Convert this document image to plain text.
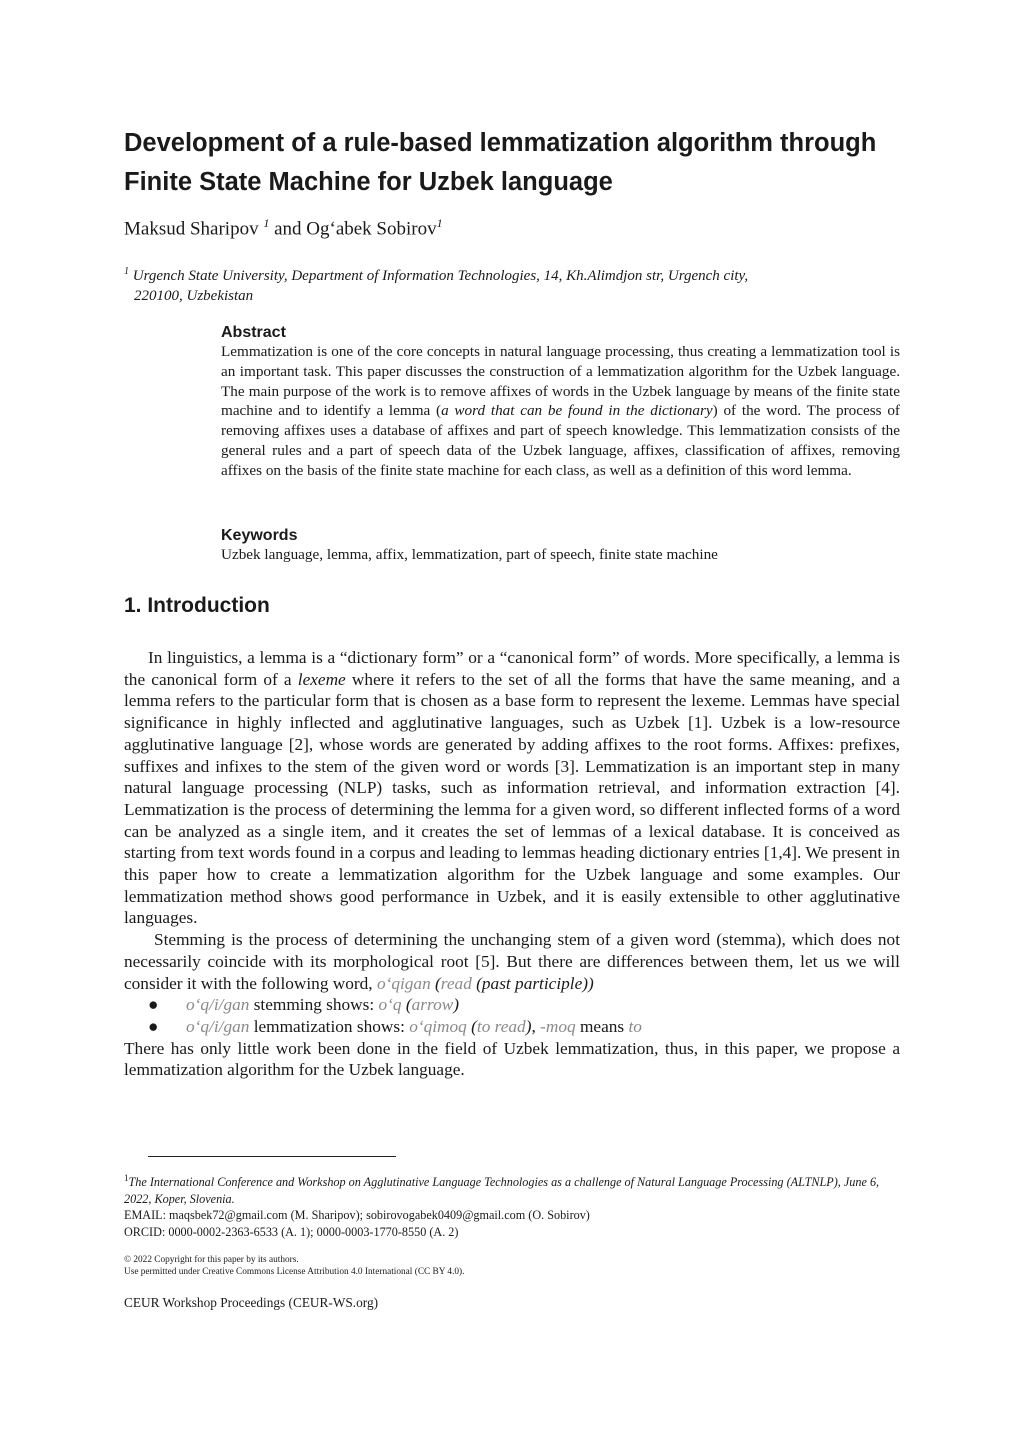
Development of a rule-based lemmatization algorithm through Finite State Machine for Uzbek language
Maksud Sharipov $^1$ and Og‘abek Sobirov$^1$
$^1$ Urgench State University, Department of Information Technologies, 14, Kh.Alimdjon str, Urgench city,
220100, Uzbekistan
Abstract

Lemmatization is one of the core concepts in natural language processing, thus creating a lemmatization tool is an important task. This paper discusses the construction of a lemmatization algorithm for the Uzbek language. The main purpose of the work is to remove affixes of words in the Uzbek language by means of the finite state machine and to identify a lemma (a word that can be found in the dictionary) of the word. The process of removing affixes uses a database of affixes and part of speech knowledge. This lemmatization consists of the general rules and a part of speech data of the Uzbek language, affixes, classification of affixes, removing affixes on the basis of the finite state machine for each class, as well as a definition of this word lemma.

Keywords

Uzbek language, lemma, affix, lemmatization, part of speech, finite state machine

1. Introduction

In linguistics, a lemma is a “dictionary form” or a “canonical form” of words. More specifically, a lemma is the canonical form of a lexeme where it refers to the set of all the forms that have the same meaning, and a lemma refers to the particular form that is chosen as a base form to represent the lexeme. Lemmas have special significance in highly inflected and agglutinative languages, such as Uzbek [1]. Uzbek is a low-resource agglutinative language [2], whose words are generated by adding affixes to the root forms. Affixes: prefixes, suffixes and infixes to the stem of the given word or words [3]. Lemmatization is an important step in many natural language processing (NLP) tasks, such as information retrieval, and information extraction [4]. Lemmatization is the process of determining the lemma for a given word, so different inflected forms of a word can be analyzed as a single item, and it creates the set of lemmas of a lexical database. It is conceived as starting from text words found in a corpus and leading to lemmas heading dictionary entries [1,4]. We present in this paper how to create a lemmatization algorithm for the Uzbek language and some examples. Our lemmatization method shows good performance in Uzbek, and it is easily extensible to other agglutinative languages.

Stemming is the process of determining the unchanging stem of a given word (stemma), which does not necessarily coincide with its morphological root [5]. But there are differences between them, let us we will consider it with the following word, o‘qigan (read (past participle))

● o‘q/i/gan stemming shows: o‘q (arrow)
● o‘q/i/gan lemmatization shows: o‘qimoq (to read), -moq means to

There has only little work been done in the field of Uzbek lemmatization, thus, in this paper, we propose a lemmatization algorithm for the Uzbek language.

$^1$The International Conference and Workshop on Agglutinative Language Technologies as a challenge of Natural Language Processing (ALTNLP), June 6, 2022, Koper, Slovenia.

EMAIL: maqsbek72@gmail.com (M. Sharipov); sobirovogabek0409@gmail.com (O. Sobirov)

ORCID: 0000-0002-2363-6533 (A. 1); 0000-0003-1770-8550 (A. 2)

© 2022 Copyright for this paper by its authors.

Use permitted under Creative Commons License Attribution 4.0 International (CC BY 4.0).

CEUR Workshop Proceedings (CEUR-WS.org)
